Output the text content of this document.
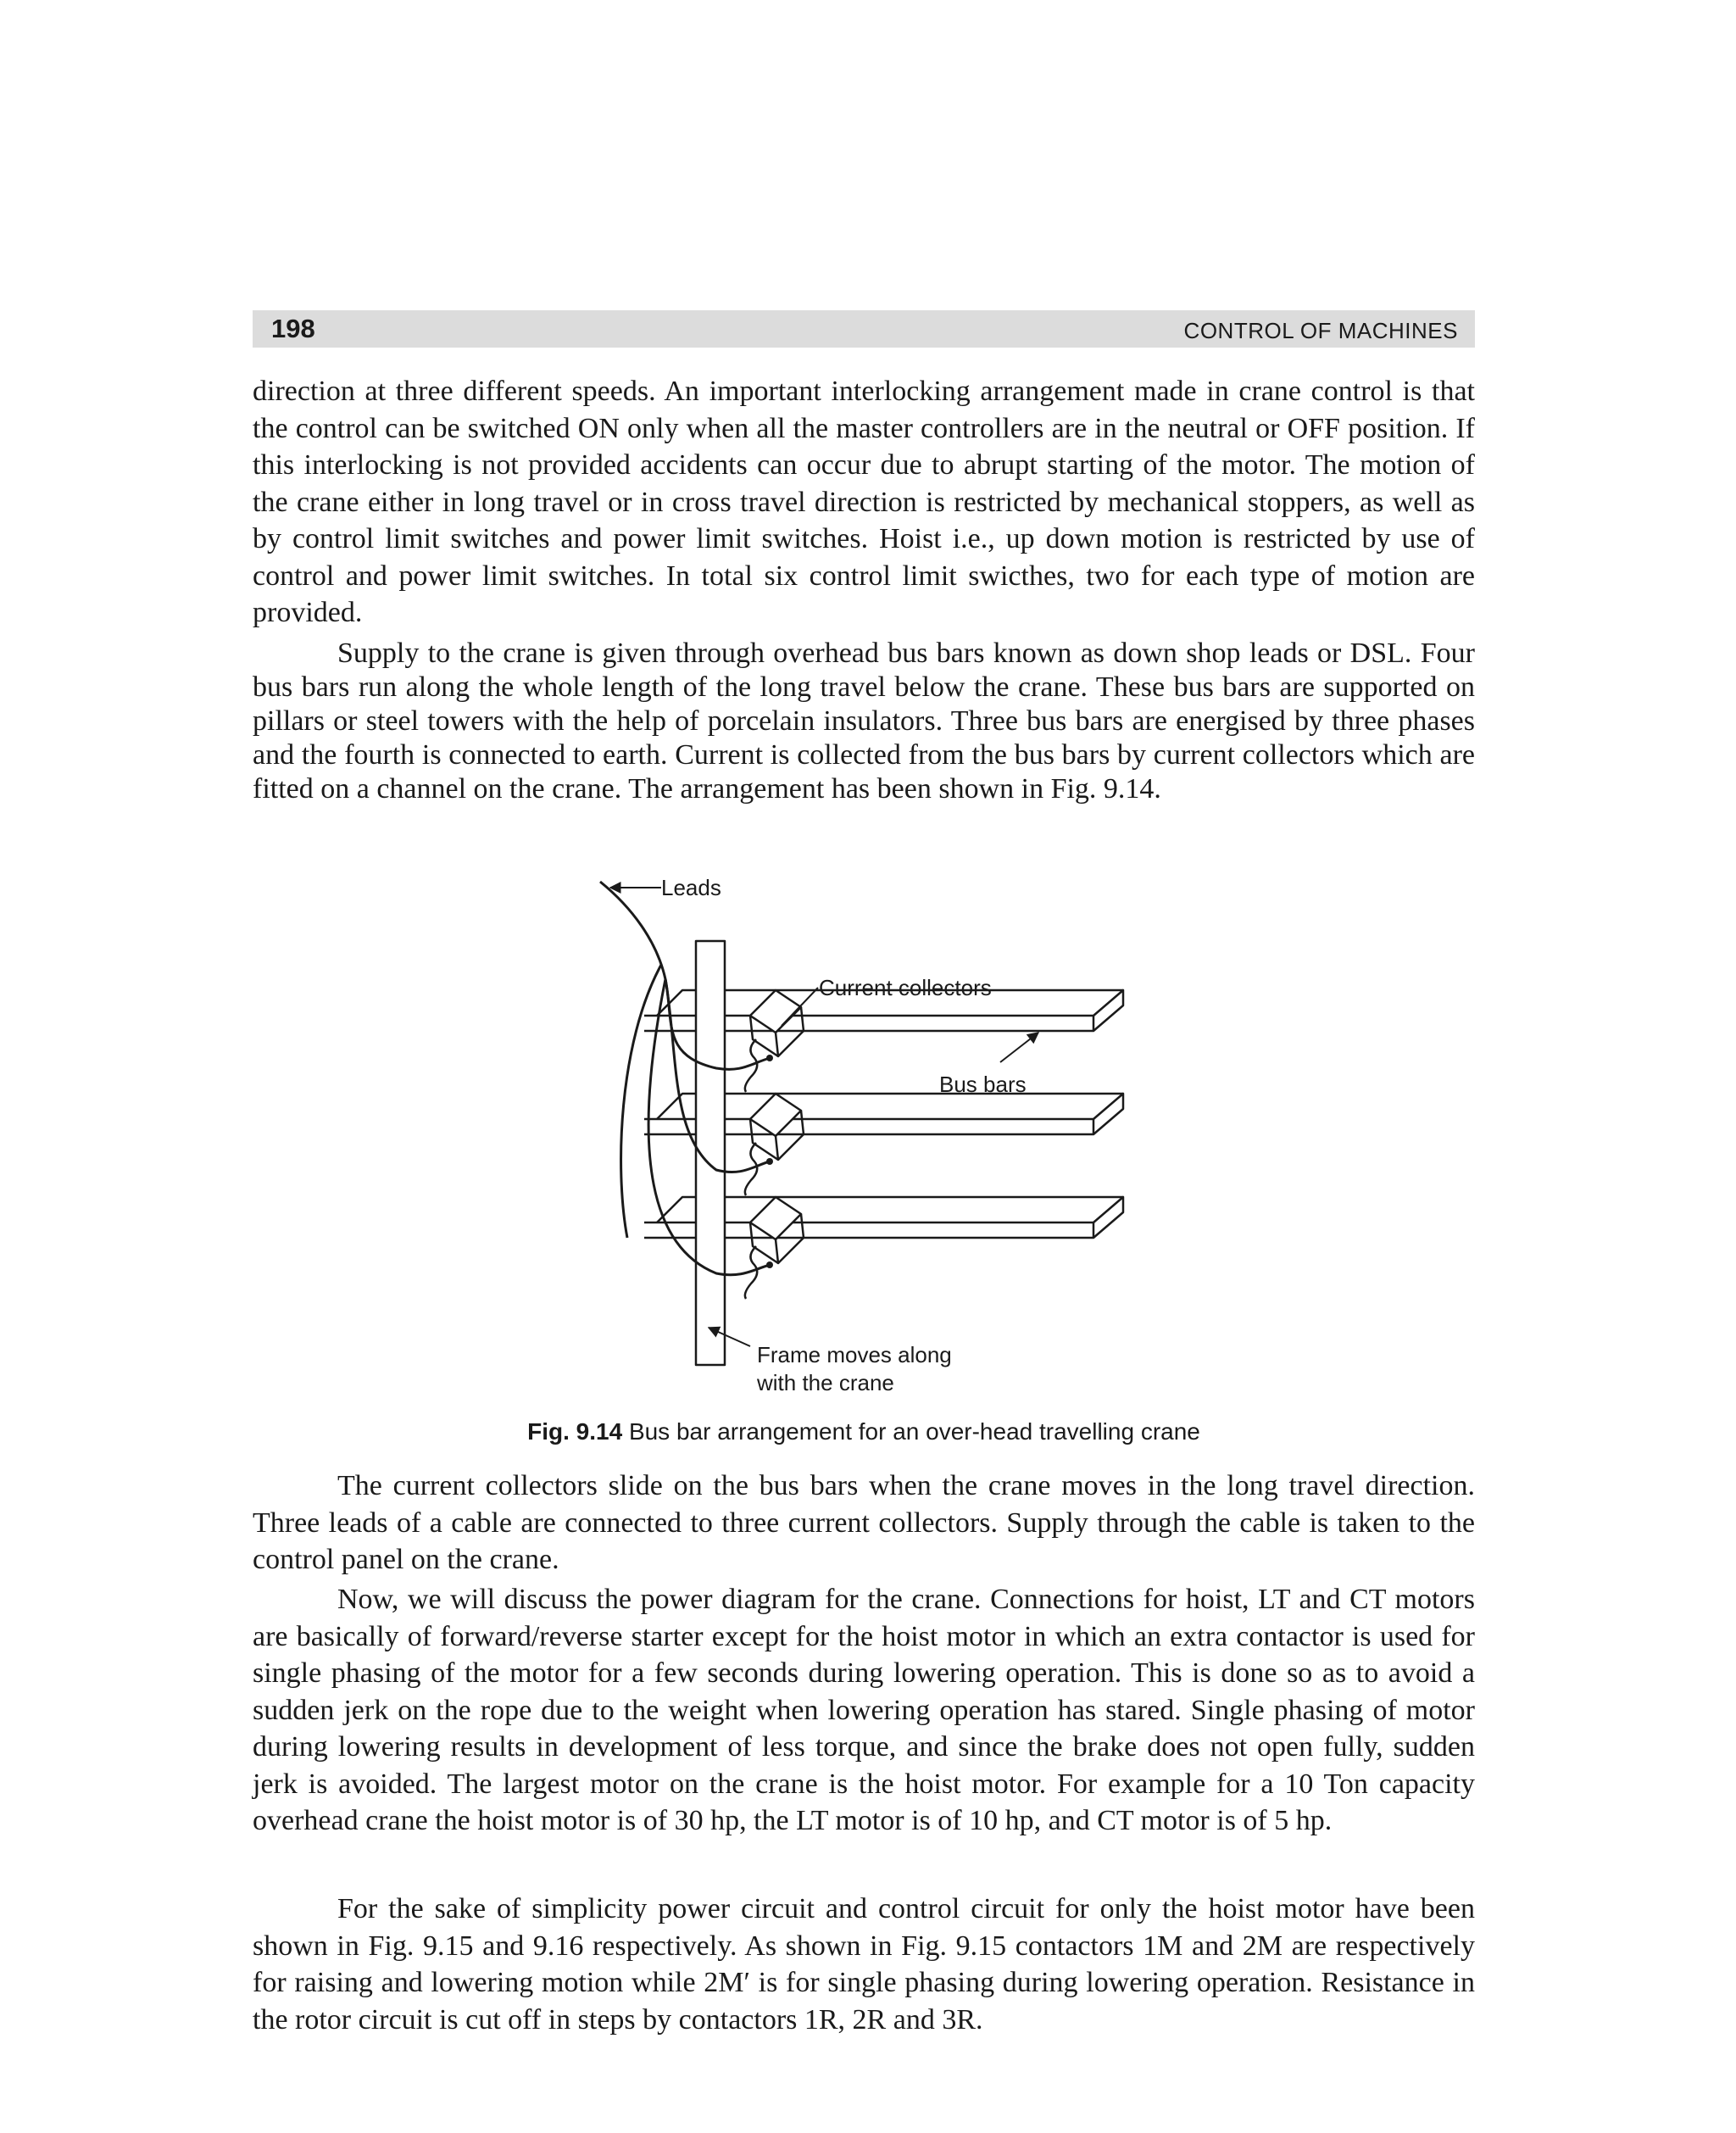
198	CONTROL OF MACHINES

direction at three different speeds. An important interlocking arrangement made in crane control is that the control can be switched ON only when all the master controllers are in the neutral or OFF position. If this interlocking is not provided accidents can occur due to abrupt starting of the motor. The motion of the crane either in long travel or in cross travel direction is restricted by mechanical stoppers, as well as by control limit switches and power limit switches. Hoist i.e., up down motion is restricted by use of control and power limit switches. In total six control limit swicthes, two for each type of motion are provided.

Supply to the crane is given through overhead bus bars known as down shop leads or DSL. Four bus bars run along the whole length of the long travel below the crane. These bus bars are supported on pillars or steel towers with the help of porcelain insulators. Three bus bars are energised by three phases and the fourth is connected to earth. Current is collected from the bus bars by current collectors which are fitted on a channel on the crane. The arrangement has been shown in Fig. 9.14.

Leads
Current collectors
Bus bars
Frame moves along
with the crane
Fig. 9.14 Bus bar arrangement for an over-head travelling crane

The current collectors slide on the bus bars when the crane moves in the long travel direction. Three leads of a cable are connected to three current collectors. Supply through the cable is taken to the control panel on the crane.

Now, we will discuss the power diagram for the crane. Connections for hoist, LT and CT motors are basically of forward/reverse starter except for the hoist motor in which an extra contactor is used for single phasing of the motor for a few seconds during lowering operation. This is done so as to avoid a sudden jerk on the rope due to the weight when lowering operation has stared. Single phasing of motor during lowering results in development of less torque, and since the brake does not open fully, sudden jerk is avoided. The largest motor on the crane is the hoist motor. For example for a 10 Ton capacity overhead crane the hoist motor is of 30 hp, the LT motor is of 10 hp, and CT motor is of 5 hp.

For the sake of simplicity power circuit and control circuit for only the hoist motor have been shown in Fig. 9.15 and 9.16 respectively. As shown in Fig. 9.15 contactors 1M and 2M are respectively for raising and lowering motion while 2M′ is for single phasing during lowering operation. Resistance in the rotor circuit is cut off in steps by contactors 1R, 2R and 3R.
